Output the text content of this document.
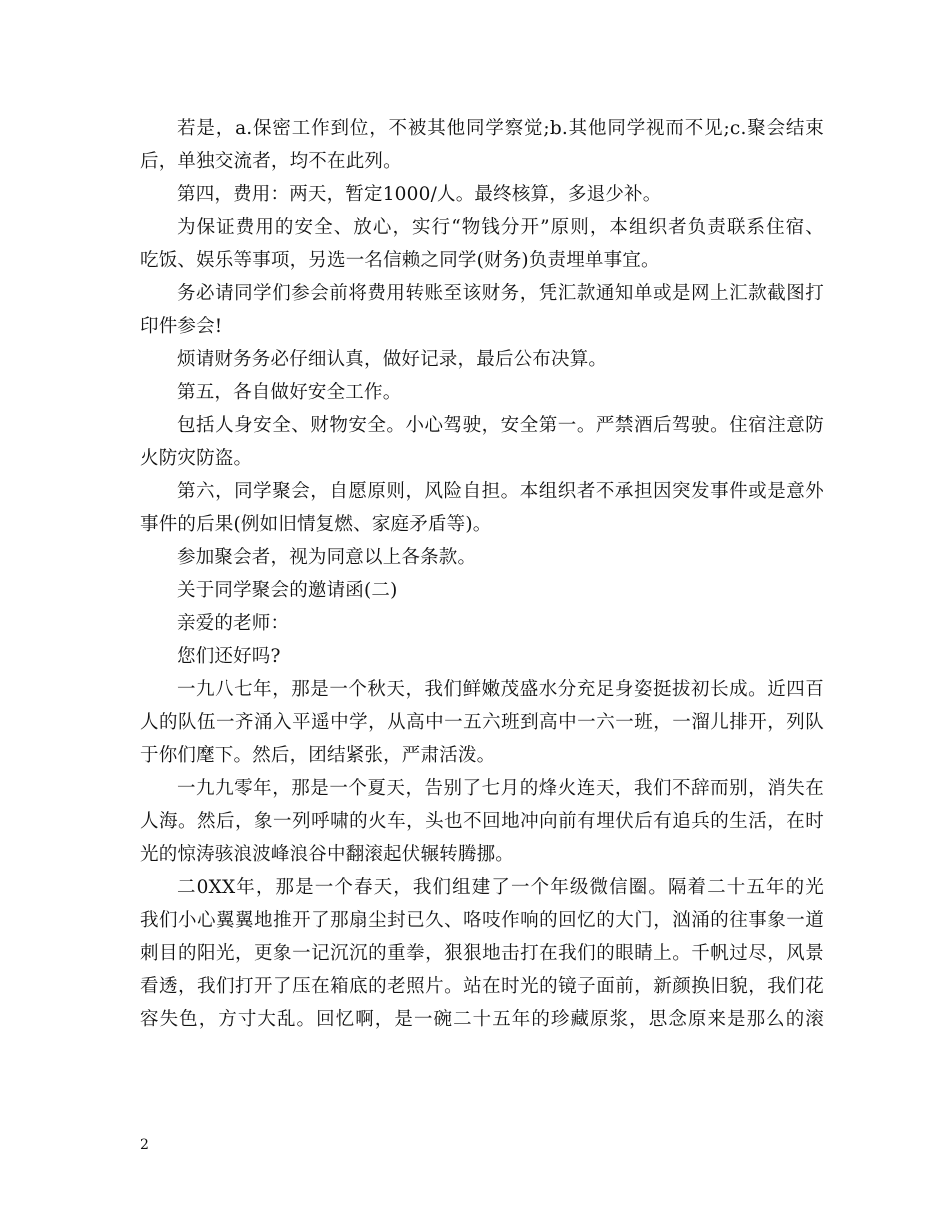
若是，a.保密工作到位，不被其他同学察觉;b.其他同学视而不见;c.聚会结束
后，单独交流者，均不在此列。
第四，费用：两天，暂定1000/人。最终核算，多退少补。
为保证费用的安全、放心，实行“物钱分开”原则，本组织者负责联系住宿、
吃饭、娱乐等事项，另选一名信赖之同学(财务)负责埋单事宜。
务必请同学们参会前将费用转账至该财务，凭汇款通知单或是网上汇款截图打
印件参会!
烦请财务务必仔细认真，做好记录，最后公布决算。
第五，各自做好安全工作。
包括人身安全、财物安全。小心驾驶，安全第一。严禁酒后驾驶。住宿注意防
火防灾防盗。
第六，同学聚会，自愿原则，风险自担。本组织者不承担因突发事件或是意外
事件的后果(例如旧情复燃、家庭矛盾等)。
参加聚会者，视为同意以上各条款。
关于同学聚会的邀请函(二)
亲爱的老师：
您们还好吗?
一九八七年，那是一个秋天，我们鲜嫩茂盛水分充足身姿挺拔初长成。近四百
人的队伍一齐涌入平遥中学，从高中一五六班到高中一六一班，一溜儿排开，列队
于你们麾下。然后，团结紧张，严肃活泼。
一九九零年，那是一个夏天，告别了七月的烽火连天，我们不辞而别，消失在
人海。然后，象一列呼啸的火车，头也不回地冲向前有埋伏后有追兵的生活，在时
光的惊涛骇浪波峰浪谷中翻滚起伏辗转腾挪。
二0XX年，那是一个春天，我们组建了一个年级微信圈。隔着二十五年的光
我们小心翼翼地推开了那扇尘封已久、咯吱作响的回忆的大门，汹涌的往事象一道
刺目的阳光，更象一记沉沉的重拳，狠狠地击打在我们的眼睛上。千帆过尽，风景
看透，我们打开了压在箱底的老照片。站在时光的镜子面前，新颜换旧貌，我们花
容失色，方寸大乱。回忆啊，是一碗二十五年的珍藏原浆，思念原来是那么的滚
2
